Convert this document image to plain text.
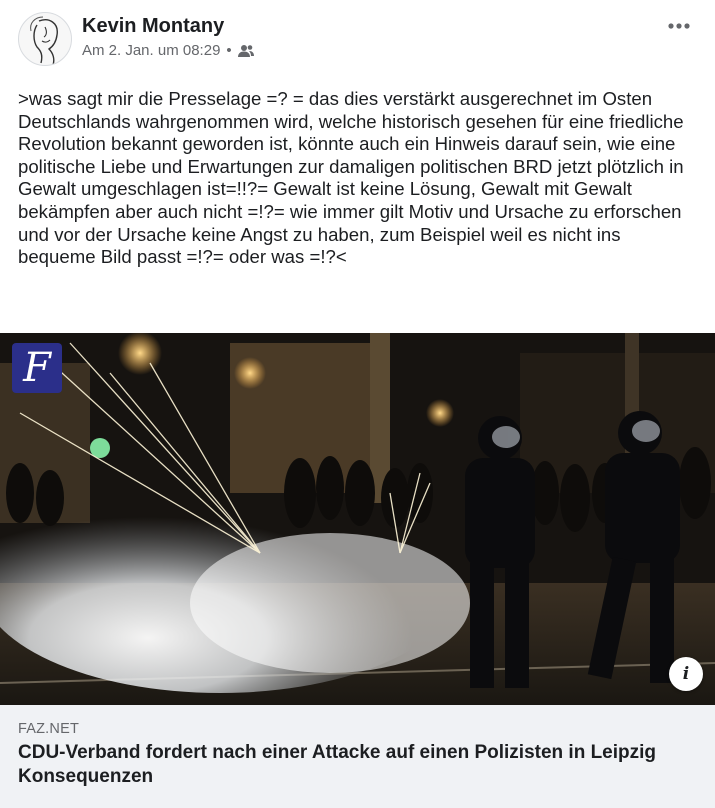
Kevin Montany
Am 2. Jan. um 08:29 •
>was sagt mir die Presselage =? = das dies verstärkt ausgerechnet im Osten Deutschlands wahrgenommen wird, welche historisch gesehen für eine friedliche Revolution bekannt geworden ist, könnte auch ein Hinweis darauf sein, wie eine politische Liebe und Erwartungen zur damaligen politischen BRD jetzt plötzlich in Gewalt umgeschlagen ist=!!?= Gewalt ist keine Lösung, Gewalt mit Gewalt bekämpfen aber auch nicht =!?= wie immer gilt Motiv und Ursache zu erforschen und vor der Ursache keine Angst zu haben, zum Beispiel weil es nicht ins bequeme Bild passt =!?= oder was =!?<
F
i
FAZ.NET
CDU-Verband fordert nach einer Attacke auf einen Polizisten in Leipzig Konsequenzen
